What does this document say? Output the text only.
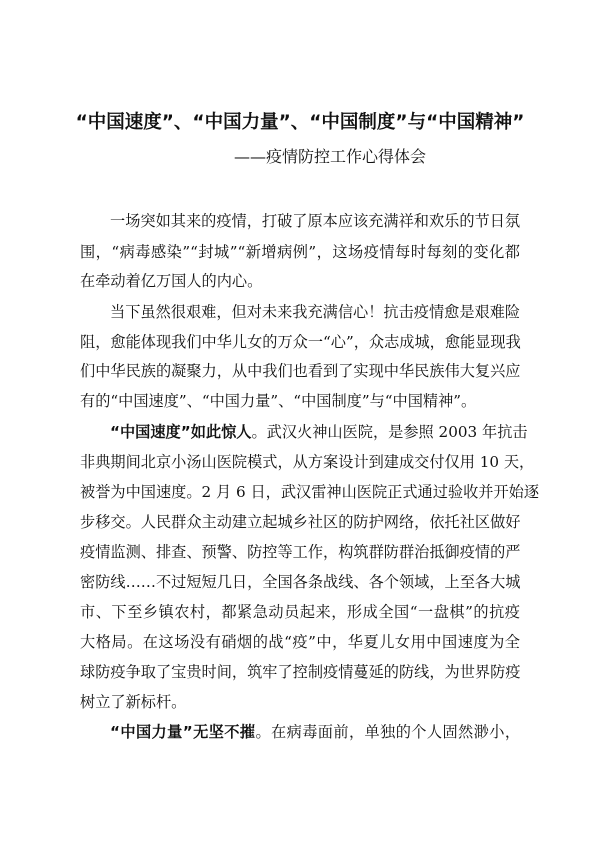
“中国速度”、“中国力量”、“中国制度”与“中国精神”
——疫情防控工作心得体会
一场突如其来的疫情，打破了原本应该充满祥和欢乐的节日氛
围，“病毒感染”“封城”“新增病例”，这场疫情每时每刻的变化都
在牵动着亿万国人的内心。
当下虽然很艰难，但对未来我充满信心！抗击疫情愈是艰难险
阻，愈能体现我们中华儿女的万众一“心”，众志成城，愈能显现我
们中华民族的凝聚力，从中我们也看到了实现中华民族伟大复兴应
有的“中国速度”、“中国力量”、“中国制度”与“中国精神”。
“中国速度”如此惊人。武汉火神山医院，是参照 2003 年抗击
非典期间北京小汤山医院模式，从方案设计到建成交付仅用 10 天，
被誉为中国速度。2 月 6 日，武汉雷神山医院正式通过验收并开始逐
步移交。人民群众主动建立起城乡社区的防护网络，依托社区做好
疫情监测、排查、预警、防控等工作，构筑群防群治抵御疫情的严
密防线……不过短短几日，全国各条战线、各个领域，上至各大城
市、下至乡镇农村，都紧急动员起来，形成全国“一盘棋”的抗疫
大格局。在这场没有硝烟的战“疫”中，华夏儿女用中国速度为全
球防疫争取了宝贵时间，筑牢了控制疫情蔓延的防线，为世界防疫
树立了新标杆。
“中国力量”无坚不摧。在病毒面前，单独的个人固然渺小，
